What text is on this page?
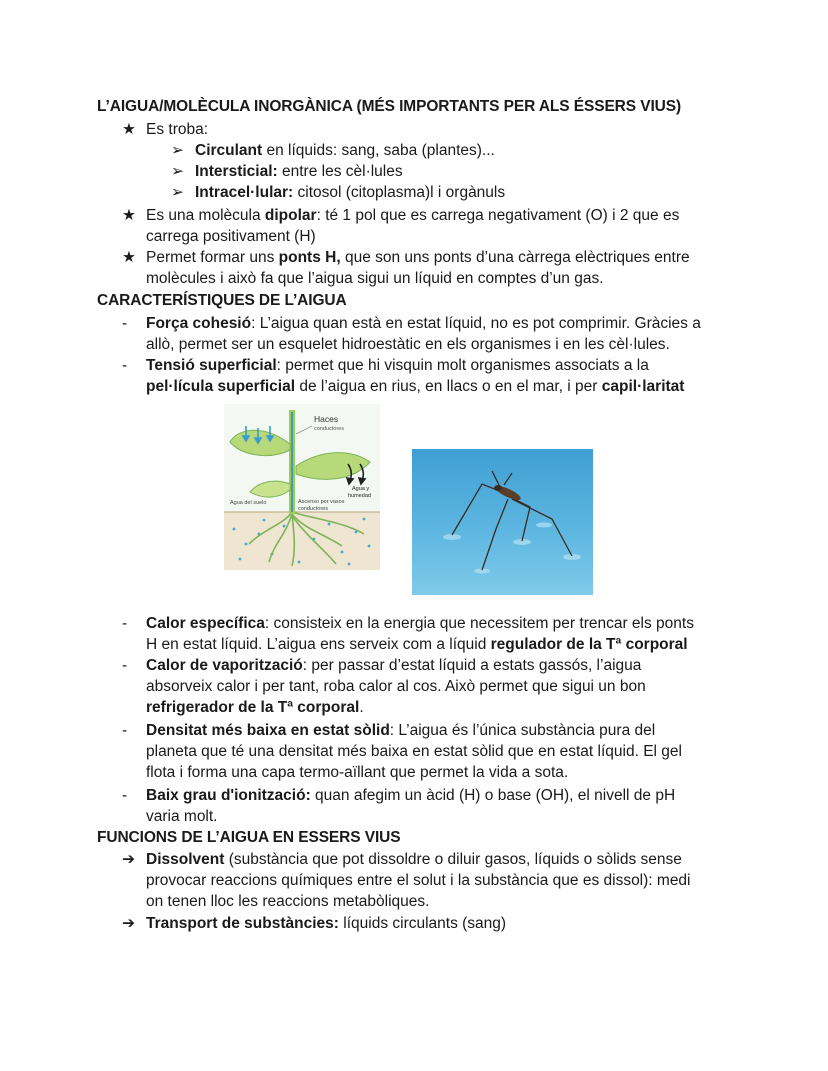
L’AIGUA/MOLÈCULA INORGÀNICA (MÉS IMPORTANTS PER ALS ÉSSERS VIUS)
★ Es troba:
➢ Circulant en líquids: sang, saba (plantes)...
➢ Intersticial: entre les cèl·lules
➢ Intracel·lular: citosol (citoplasma)l i orgànuls
★ Es una molècula dipolar: té 1 pol que es carrega negativament (O) i 2 que es
carrega positivament (H)
★ Permet formar uns ponts H, que son uns ponts d’una càrrega elèctriques entre
molècules i això fa que l’aigua sigui un líquid en comptes d’un gas.
CARACTERÍSTIQUES DE L’AIGUA
- Força cohesió: L’aigua quan està en estat líquid, no es pot comprimir. Gràcies a
allò, permet ser un esquelet hidroestàtic en els organismes i en les cèl·lules.
- Tensió superficial: permet que hi visquin molt organismes associats a la
pel·lícula superficial de l’aigua en rius, en llacs o en el mar, i per capil·laritat
Haces
conductores
Agua y
humedad
Agua del suelo	Ascenso por vasos
conductores
- Calor específica: consisteix en la energia que necessitem per trencar els ponts
H en estat líquid. L’aigua ens serveix com a líquid regulador de la Tª corporal
- Calor de vaporització: per passar d’estat líquid a estats gassós, l’aigua
absorveix calor i per tant, roba calor al cos. Això permet que sigui un bon
refrigerador de la Tª corporal.
- Densitat més baixa en estat sòlid: L’aigua és l’única substància pura del
planeta que té una densitat més baixa en estat sòlid que en estat líquid. El gel
flota i forma una capa termo-aïllant que permet la vida a sota.
- Baix grau d'ionització: quan afegim un àcid (H) o base (OH), el nivell de pH
varia molt.
FUNCIONS DE L’AIGUA EN ESSERS VIUS
➔ Dissolvent (substància que pot dissoldre o diluir gasos, líquids o sòlids sense
provocar reaccions químiques entre el solut i la substància que es dissol): medi
on tenen lloc les reaccions metabòliques.
➔ Transport de substàncies: líquids circulants (sang)
